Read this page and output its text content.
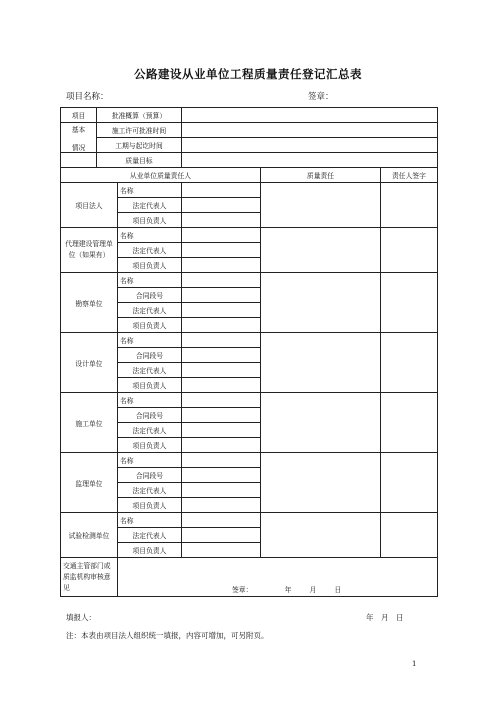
公路建设从业单位工程质量责任登记汇总表
项目名称：	签章：
项目	批准概算（预算）				
基本

情况	施工许可批准时间				
	工期与起讫时间				
	质量目标				
从业单位质量责任人				质量责任	责任人签字
项目法人		名称			
		法定代表人			
		项目负责人			
代理建设管理单位（如果有）		名称			
		法定代表人			
		项目负责人			
勘察单位		名称			
		合同段号			
		法定代表人			
		项目负责人			
设计单位		名称			
		合同段号			
		法定代表人			
		项目负责人			
施工单位		名称			
		合同段号			
		法定代表人			
		项目负责人			
监理单位		名称			
		合同段号			
		法定代表人			
		项目负责人			
试验检测单位		名称			
		法定代表人			
		项目负责人			
交通主管部门或质监机构审核意见		签章： 年 月 日			
填报人：	年　月　日
注：本表由项目法人组织统一填报，内容可增加，可另附页。
1
